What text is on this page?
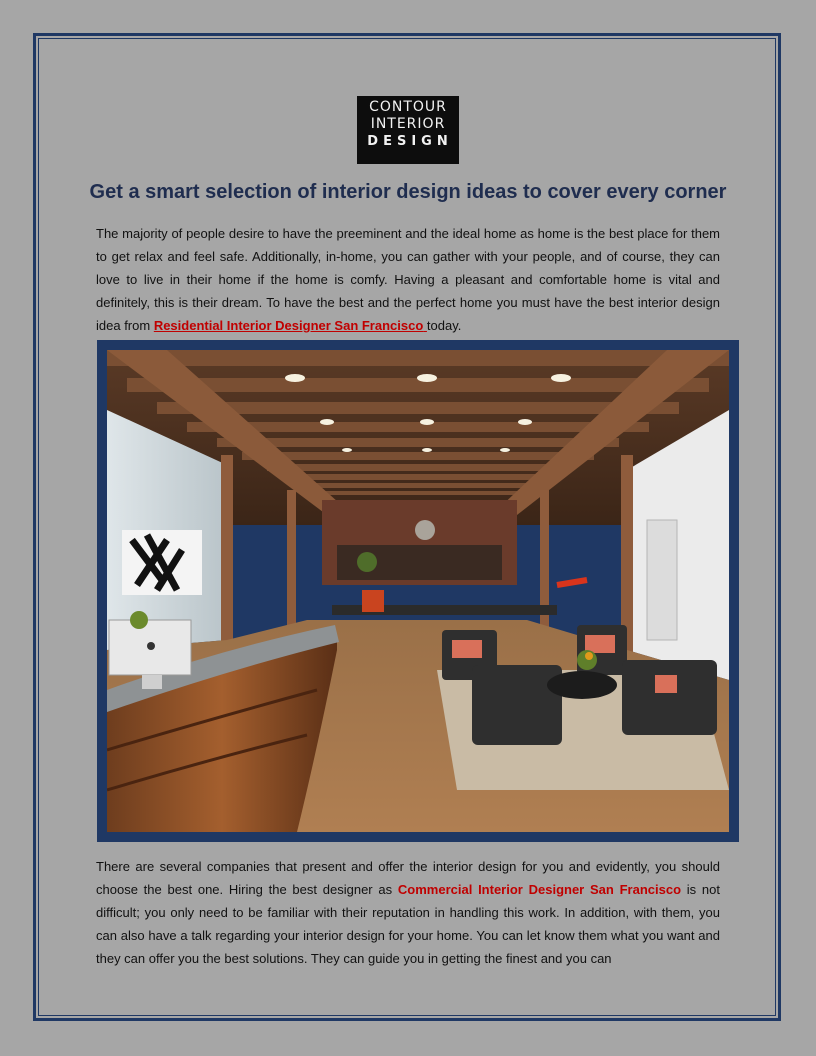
CONTOUR
INTERIOR
DESIGN
Get a smart selection of interior design ideas to cover every corner

The majority of people desire to have the preeminent and the ideal home as home is the best place for them to get relax and feel safe. Additionally, in-home, you can gather with your people, and of course, they can love to live in their home if the home is comfy. Having a pleasant and comfortable home is vital and definitely, this is their dream. To have the best and the perfect home you must have the best interior design idea from Residential Interior Designer San Francisco today.

There are several companies that present and offer the interior design for you and evidently, you should choose the best one. Hiring the best designer as Commercial Interior Designer San Francisco is not difficult; you only need to be familiar with their reputation in handling this work. In addition, with them, you can also have a talk regarding your interior design for your home. You can let know them what you want and they can offer you the best solutions. They can guide you in getting the finest and you can
